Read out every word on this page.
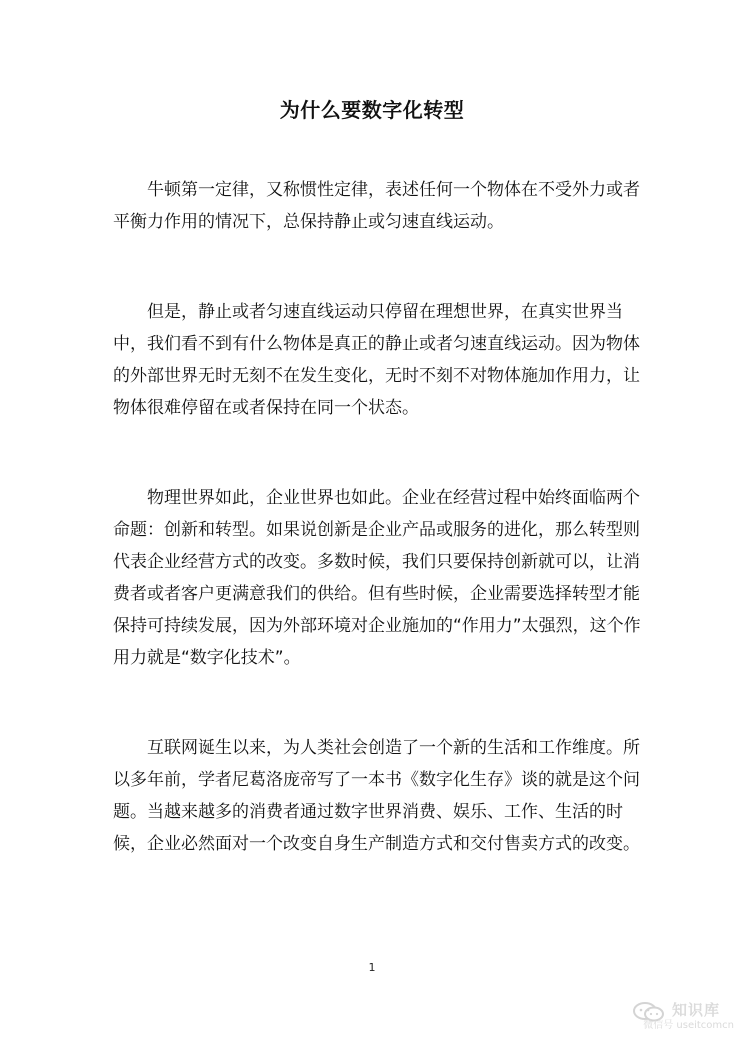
为什么要数字化转型

牛顿第一定律，又称惯性定律，表述任何一个物体在不受外力或者平衡力作用的情况下，总保持静止或匀速直线运动。

但是，静止或者匀速直线运动只停留在理想世界，在真实世界当中，我们看不到有什么物体是真正的静止或者匀速直线运动。因为物体的外部世界无时无刻不在发生变化，无时不刻不对物体施加作用力，让物体很难停留在或者保持在同一个状态。

物理世界如此，企业世界也如此。企业在经营过程中始终面临两个命题：创新和转型。如果说创新是企业产品或服务的进化，那么转型则代表企业经营方式的改变。多数时候，我们只要保持创新就可以，让消费者或者客户更满意我们的供给。但有些时候，企业需要选择转型才能保持可持续发展，因为外部环境对企业施加的“作用力”太强烈，这个作用力就是“数字化技术”。

互联网诞生以来，为人类社会创造了一个新的生活和工作维度。所以多年前，学者尼葛洛庞帝写了一本书《数字化生存》谈的就是这个问题。当越来越多的消费者通过数字世界消费、娱乐、工作、生活的时候，企业必然面对一个改变自身生产制造方式和交付售卖方式的改变。

1
知识库
微信号 useitcomcn
